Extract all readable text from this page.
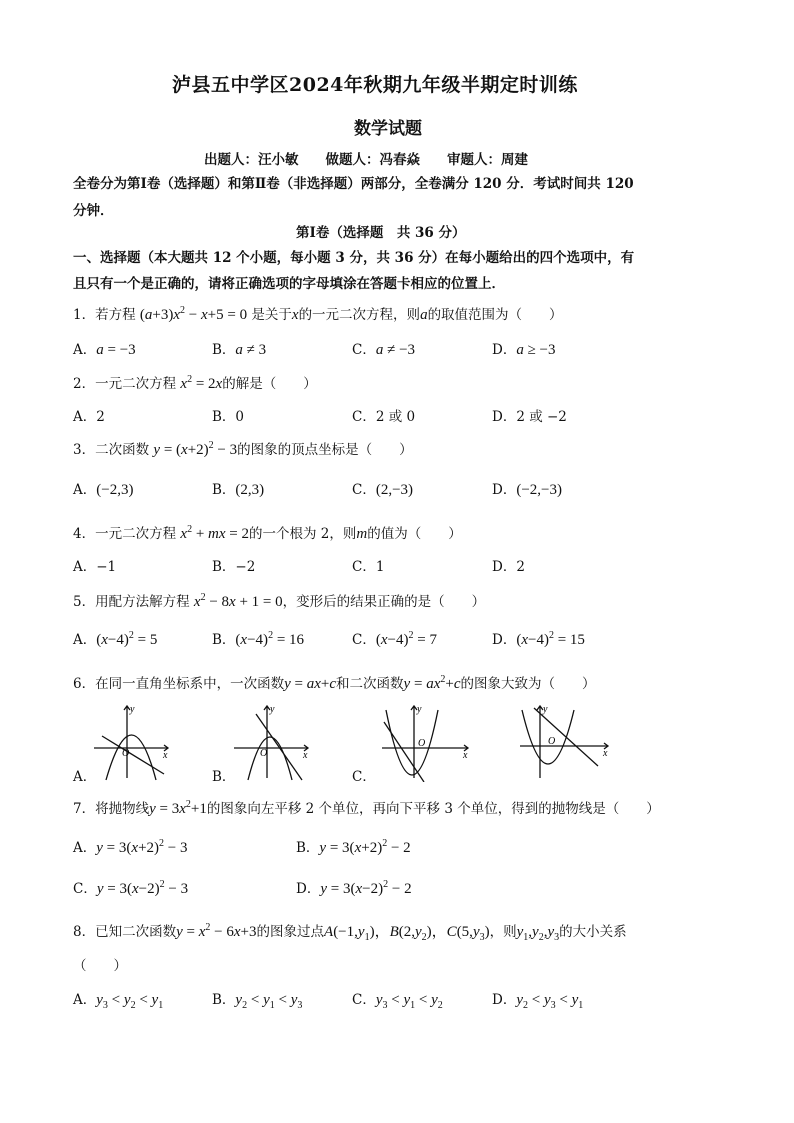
泸县五中学区2024年秋期九年级半期定时训练
数学试题
出题人：汪小敏　　做题人：冯春焱　　审题人：周建
全卷分为第Ⅰ卷（选择题）和第Ⅱ卷（非选择题）两部分，全卷满分 120 分．考试时间共 120
分钟．
第Ⅰ卷（选择题　共 36 分）
一、选择题（本大题共 12 个小题，每小题 3 分，共 36 分）在每小题给出的四个选项中，有
且只有一个是正确的，请将正确选项的字母填涂在答题卡相应的位置上．
1．若方程 $(a+3)x^2 - x+5 = 0$ 是关于x的一元二次方程，则a的取值范围为（　　）
A．a = −3	B．a ≠ 3	C．a ≠ −3	D．a ≥ −3
2．一元二次方程 $x^2 = 2x$的解是（　　）
A．2	B．0	C．2 或 0	D．2 或 −2
3．二次函数 $y = (x+2)^2 - 3$的图象的顶点坐标是（　　）
A．(−2,3)	B．(2,3)	C．(2,−3)	D．(−2,−3)
4．一元二次方程 $x^2$ + mx = 2的一个根为 2，则m的值为（　　）
A．−1	B．−2	C．1	D．2
5．用配方法解方程 $x^2 - 8x + 1 = 0$，变形后的结果正确的是（　　）
A．$(x-4)^2 = 5$	B．$(x-4)^2 = 16$	C．$(x-4)^2 = 7$	D．$(x-4)^2 = 15$
6．在同一直角坐标系中，一次函数y = ax+c和二次函数$y = ax^2+c$的图象大致为（　　）
O
y
x
A．
O
y
x
B．
O
y
x
C．
O
y
x
7．将抛物线$y = 3x^2+1$的图象向左平移 2 个单位，再向下平移 3 个单位，得到的抛物线是（　　）
A．$y = 3(x+2)^2 - 3$	B．$y = 3(x+2)^2 - 2$
C．$y = 3(x-2)^2 - 3$	D．$y = 3(x-2)^2 - 2$
8．已知二次函数$y = x^2 - 6x+3$的图象过点$A(-1,y_1)$，$B(2,y_2)$，$C(5,y_3)$，则$y_1,y_2,y_3$的大小关系
（　　）
A．$y_3 < y_2 < y_1$	B．$y_2 < y_1 < y_3$	C．$y_3 < y_1 < y_2$	D．$y_2 < y_3 < y_1$
